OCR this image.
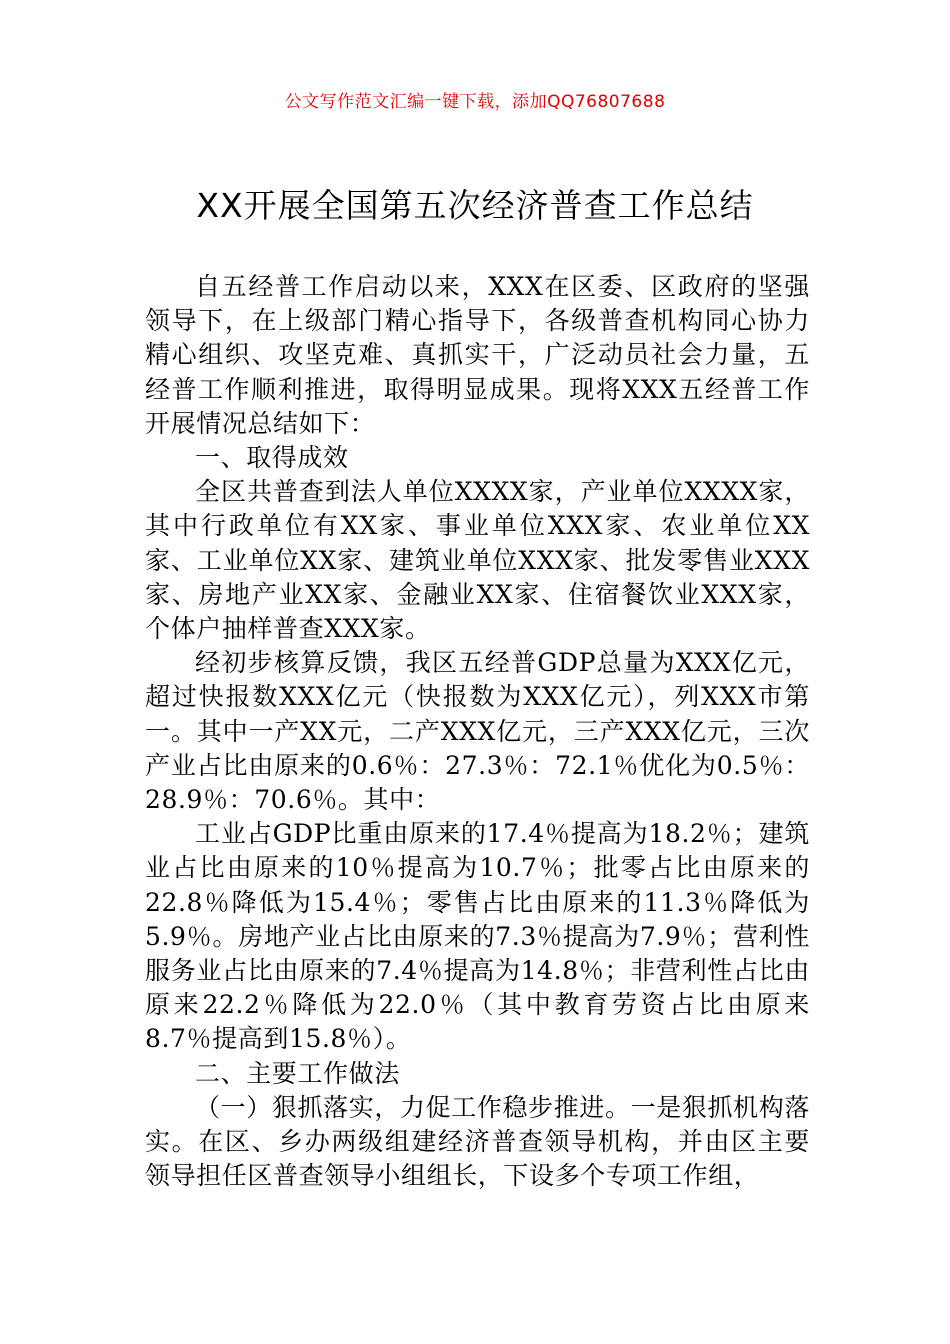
公文写作范文汇编一键下载，添加QQ76807688
XX开展全国第五次经济普查工作总结

自五经普工作启动以来，XXX在区委、区政府的坚强领导下，在上级部门精心指导下，各级普查机构同心协力精心组织、攻坚克难、真抓实干，广泛动员社会力量，五经普工作顺利推进，取得明显成果。现将XXX五经普工作开展情况总结如下：

一、取得成效

全区共普查到法人单位XXXX家，产业单位XXXX家，其中行政单位有XX家、事业单位XXX家、农业单位XX家、工业单位XX家、建筑业单位XXX家、批发零售业XXX家、房地产业XX家、金融业XX家、住宿餐饮业XXX家，个体户抽样普查XXX家。

经初步核算反馈，我区五经普GDP总量为XXX亿元，超过快报数XXX亿元（快报数为XXX亿元），列XXX市第一。其中一产XX元，二产XXX亿元，三产XXX亿元，三次产业占比由原来的0.6％：27.3％：72.1％优化为0.5％：28.9％：70.6％。其中：

工业占GDP比重由原来的17.4％提高为18.2％；建筑业占比由原来的10％提高为10.7％；批零占比由原来的22.8％降低为15.4％；零售占比由原来的11.3％降低为5.9％。房地产业占比由原来的7.3％提高为7.9％；营利性服务业占比由原来的7.4％提高为14.8％；非营利性占比由原来22.2％降低为22.0％（其中教育劳资占比由原来8.7％提高到15.8％）。

二、主要工作做法

（一）狠抓落实，力促工作稳步推进。一是狠抓机构落实。在区、乡办两级组建经济普查领导机构，并由区主要领导担任区普查领导小组组长，下设多个专项工作组，
